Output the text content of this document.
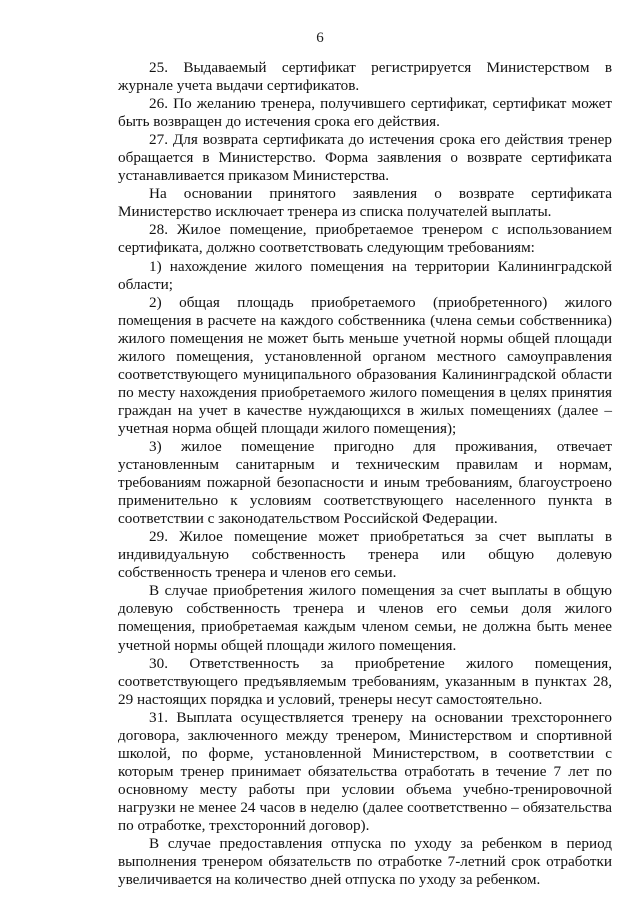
6

25. Выдаваемый сертификат регистрируется Министерством в журнале учета выдачи сертификатов.

26. По желанию тренера, получившего сертификат, сертификат может быть возвращен до истечения срока его действия.

27. Для возврата сертификата до истечения срока его действия тренер обращается в Министерство. Форма заявления о возврате сертификата устанавливается приказом Министерства.

На основании принятого заявления о возврате сертификата Министерство исключает тренера из списка получателей выплаты.

28. Жилое помещение, приобретаемое тренером с использованием сертификата, должно соответствовать следующим требованиям:

1) нахождение жилого помещения на территории Калининградской области;

2) общая площадь приобретаемого (приобретенного) жилого помещения в расчете на каждого собственника (члена семьи собственника) жилого помещения не может быть меньше учетной нормы общей площади жилого помещения, установленной органом местного самоуправления соответствующего муниципального образования Калининградской области по месту нахождения приобретаемого жилого помещения в целях принятия граждан на учет в качестве нуждающихся в жилых помещениях (далее – учетная норма общей площади жилого помещения);

3) жилое помещение пригодно для проживания, отвечает установленным санитарным и техническим правилам и нормам, требованиям пожарной безопасности и иным требованиям, благоустроено применительно к условиям соответствующего населенного пункта в соответствии с законодательством Российской Федерации.

29. Жилое помещение может приобретаться за счет выплаты в индивидуальную собственность тренера или общую долевую собственность тренера и членов его семьи.

В случае приобретения жилого помещения за счет выплаты в общую долевую собственность тренера и членов его семьи доля жилого помещения, приобретаемая каждым членом семьи, не должна быть менее учетной нормы общей площади жилого помещения.

30. Ответственность за приобретение жилого помещения, соответствующего предъявляемым требованиям, указанным в пунктах 28, 29 настоящих порядка и условий, тренеры несут самостоятельно.

31. Выплата осуществляется тренеру на основании трехстороннего договора, заключенного между тренером, Министерством и спортивной школой, по форме, установленной Министерством, в соответствии с которым тренер принимает обязательства отработать в течение 7 лет по основному месту работы при условии объема учебно-тренировочной нагрузки не менее 24 часов в неделю (далее соответственно – обязательства по отработке, трехсторонний договор).

В случае предоставления отпуска по уходу за ребенком в период выполнения тренером обязательств по отработке 7-летний срок отработки увеличивается на количество дней отпуска по уходу за ребенком.
